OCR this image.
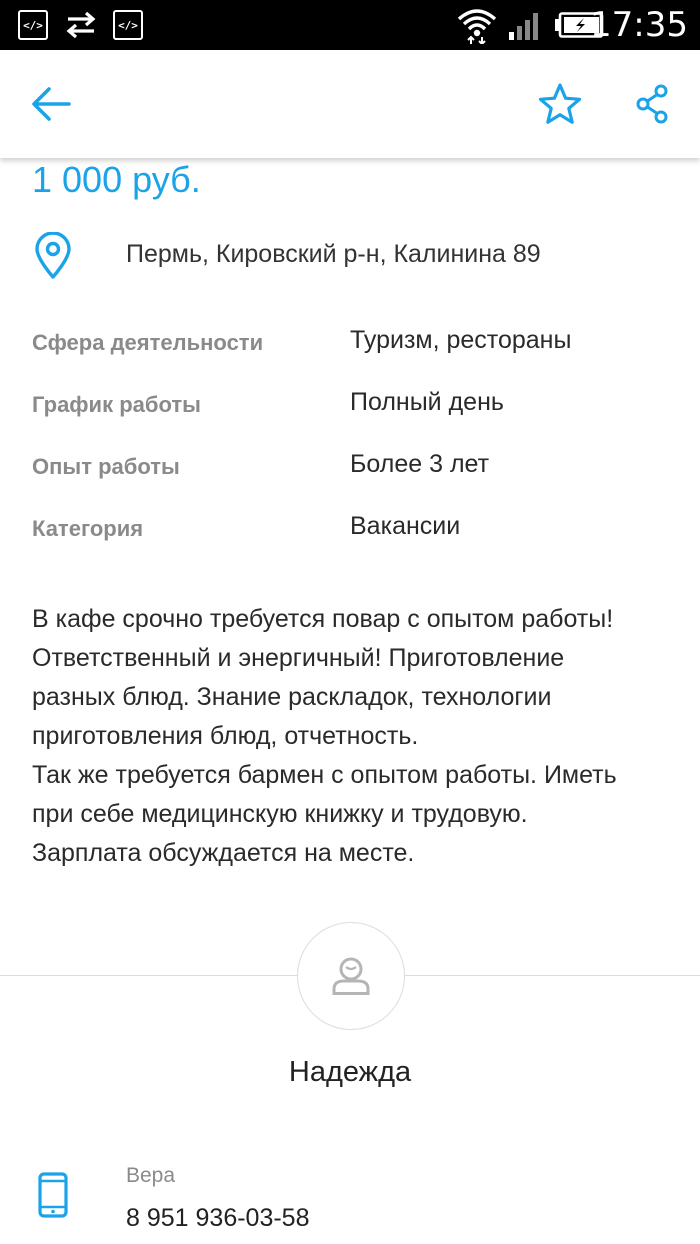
</>	</>	17:35
1 000 руб.
Пермь, Кировский р-н, Калинина 89
Сфера деятельности	Туризм, рестораны
График работы	Полный день
Опыт работы	Более 3 лет
Категория	Вакансии

В кафе срочно требуется повар с опытом работы!

Ответственный и энергичный! Приготовление

разных блюд. Знание раскладок, технологии

приготовления блюд, отчетность.

Так же требуется бармен с опытом работы. Иметь

при себе медицинскую книжку и трудовую.

Зарплата обсуждается на месте.

Надежда
Вера
8 951 936-03-58
